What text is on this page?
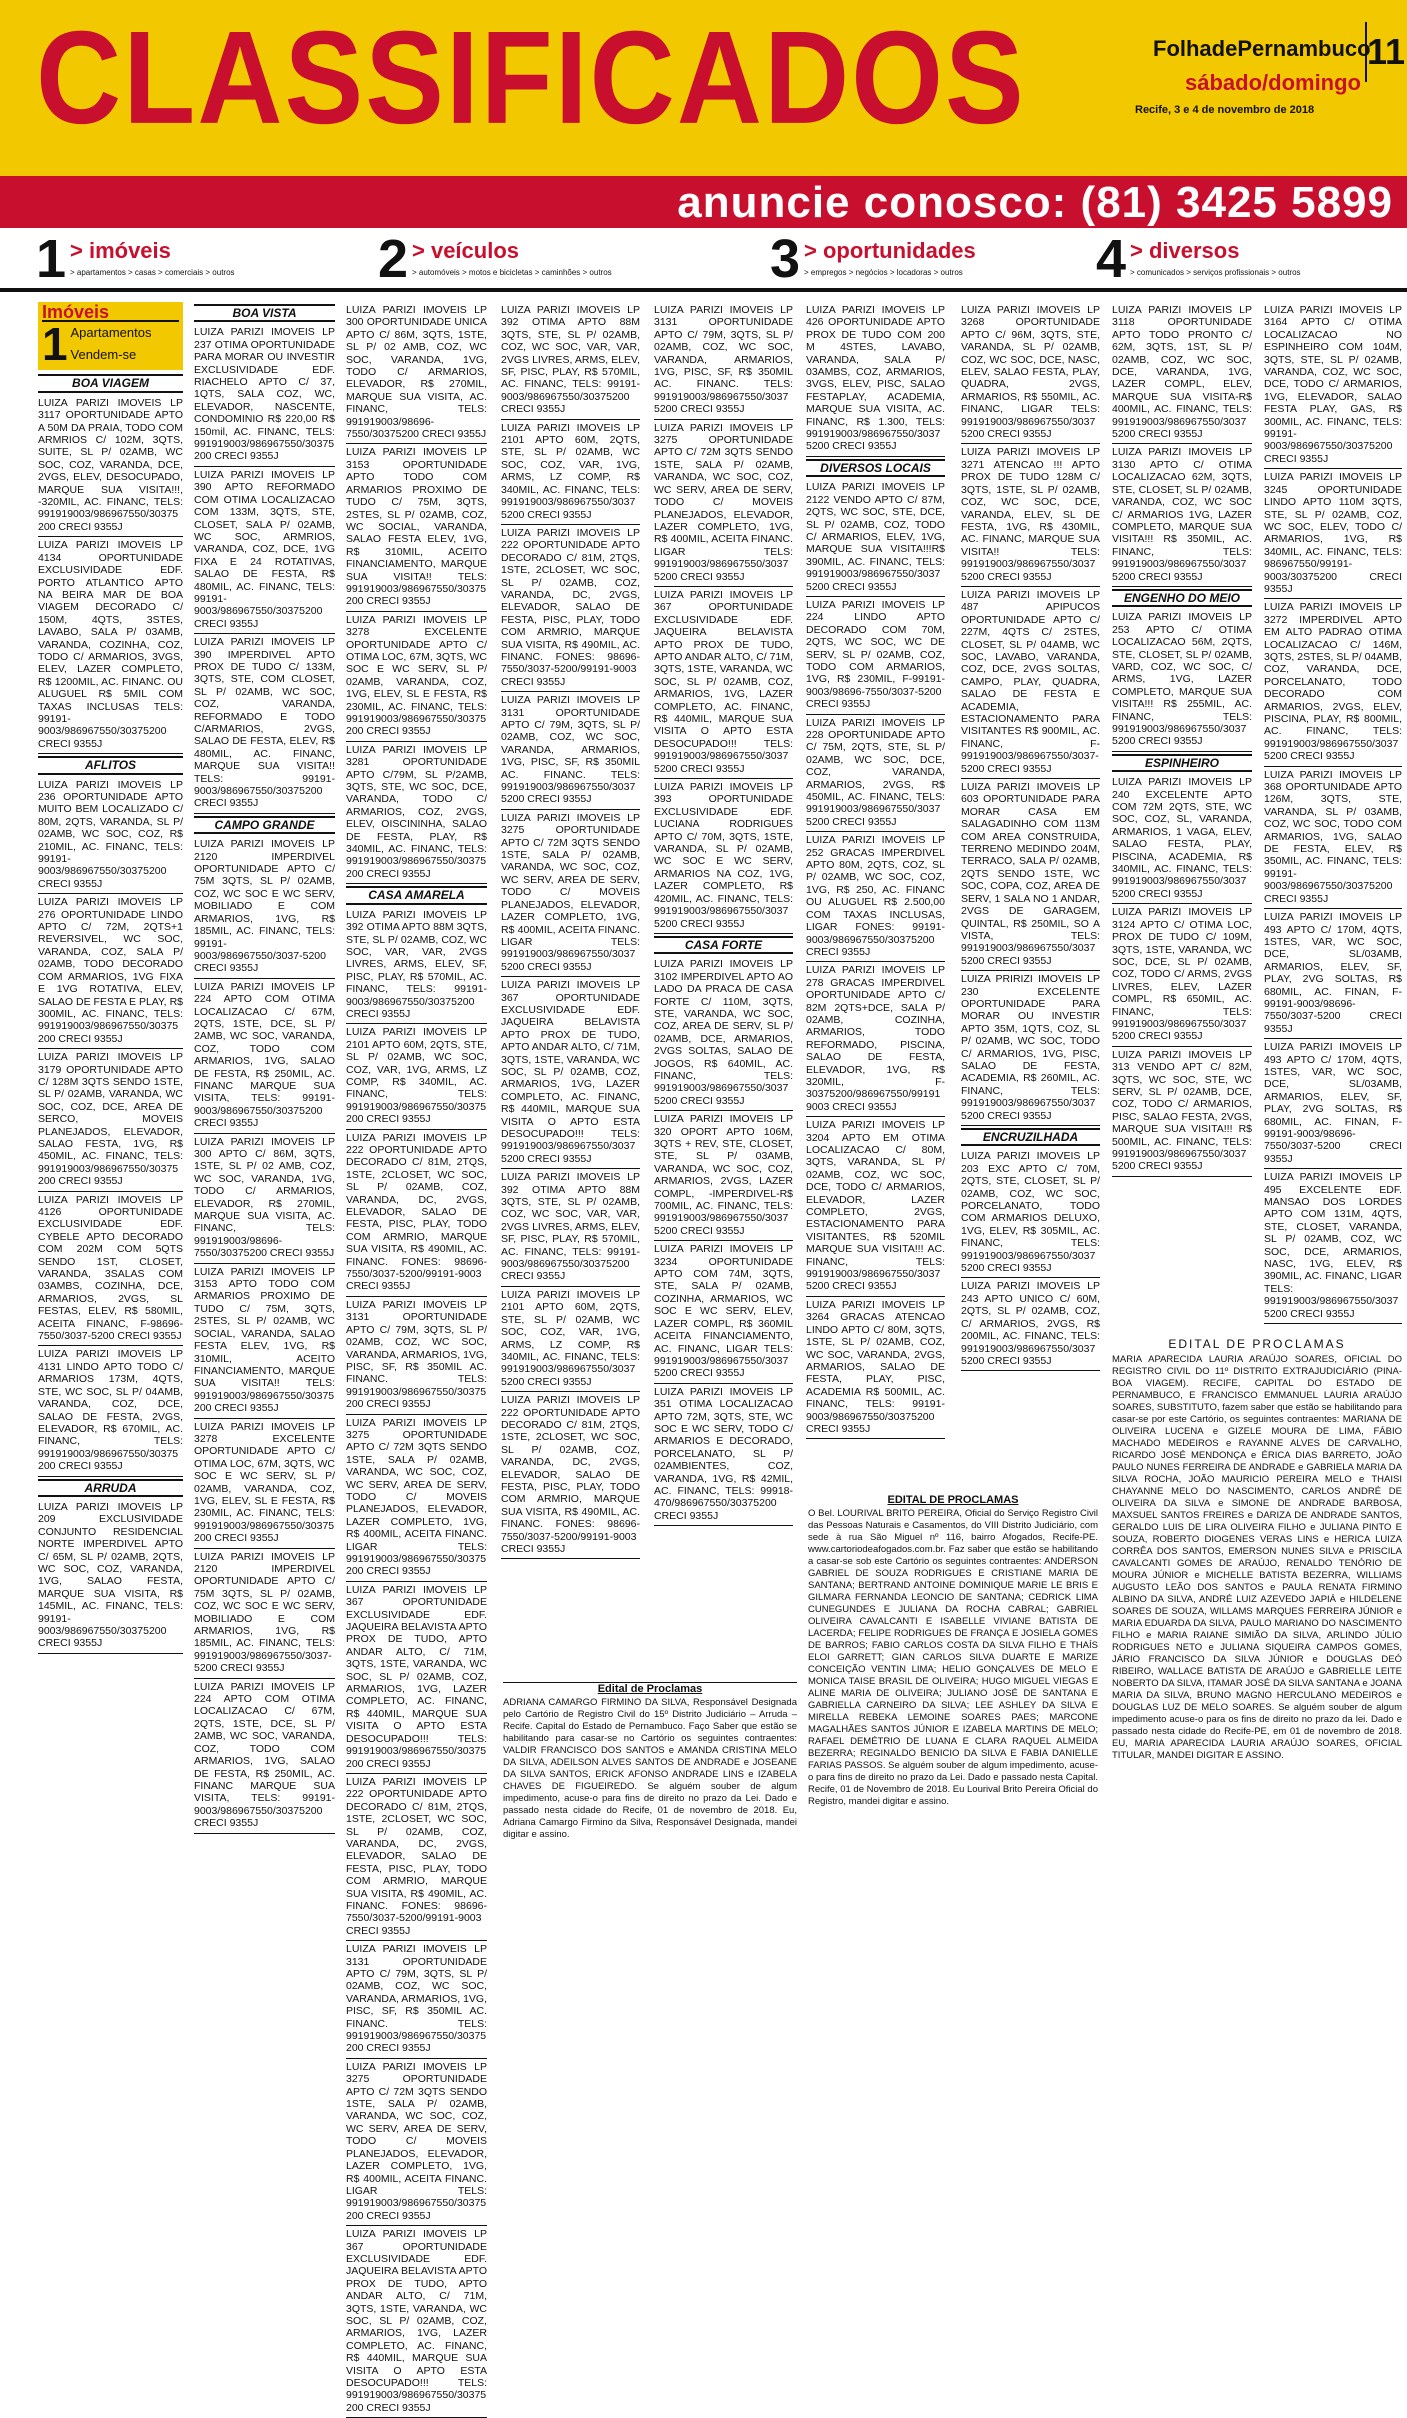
CLASSIFICADOS	FolhadePernambuco
sábado/domingo
Recife, 3 e 4 de novembro de 2018
11
anuncie conosco: (81) 3425 5899
1 > imóveis
> apartamentos > casas > comerciais > outros	2 > veículos
> automóveis > motos e bicicletas > caminhões > outros	3 > oportunidades
> empregos > negócios > locadoras > outros 4 > diversos
> comunicados > serviços profissionais > outros
Imóveis
1 Apartamentos
Vendem-se
BOA VIAGEM
LUIZA PARIZI IMOVEIS LP 3117 OPORTUNIDADE APTO A 50M DA PRAIA, TODO COM ARMRIOS C/ 102M, 3QTS, SUITE, SL P/ 02AMB, WC SOC, COZ, VARANDA, DCE, 2VGS, ELEV, DESOCUPADO, MARQUE SUA VISITA!!!, -320MIL, AC. FINANC, TELS: 991919003/986967550/30375200 CRECI 9355J
LUIZA PARIZI IMOVEIS LP 4134 OPORTUNIDADE EXCLUSIVIDADE EDF. PORTO ATLANTICO APTO NA BEIRA MAR DE BOA VIAGEM DECORADO C/ 150M, 4QTS, 3STES, LAVABO, SALA P/ 03AMB, VARANDA, COZINHA, COZ, TODO C/ ARMARIOS, 3VGS, ELEV, LAZER COMPLETO, R$ 1200MIL, AC. FINANC. OU ALUGUEL R$ 5MIL COM TAXAS INCLUSAS TELS: 99191-9003/986967550/30375200 CRECI 9355J
AFLITOS
LUIZA PARIZI IMOVEIS LP 236 OPORTUNIDADE APTO MUITO BEM LOCALIZADO C/ 80M, 2QTS, VARANDA, SL P/ 02AMB, WC SOC, COZ, R$ 210MIL, AC. FINANC, TELS: 99191-9003/986967550/30375200 CRECI 9355J
LUIZA PARIZI IMOVEIS LP 276 OPORTUNIDADE LINDO APTO C/ 72M, 2QTS+1 REVERSIVEL, WC SOC, VARANDA, COZ, SALA P/ 02AMB, TODO DECORADO COM ARMARIOS, 1VG FIXA E 1VG ROTATIVA, ELEV, SALAO DE FESTA E PLAY, R$ 300MIL, AC. FINANC, TELS: 991919003/986967550/30375200 CRECI 9355J
LUIZA PARIZI IMOVEIS LP 3179 OPORTUNIDADE APTO C/ 128M 3QTS SENDO 1STE, SL P/ 02AMB, VARANDA, WC SOC, COZ, DCE, AREA DE SERCO, MOVEIS PLANEJADOS, ELEVADOR, SALAO FESTA, 1VG, R$ 450MIL, AC. FINANC, TELS: 991919003/986967550/30375200 CRECI 9355J
LUIZA PARIZI IMOVEIS LP 4126 OPORTUNIDADE EXCLUSIVIDADE EDF. CYBELE APTO DECORADO COM 202M COM 5QTS SENDO 1ST, CLOSET, VARANDA, 3SALAS COM 03AMBS, COZINHA, DCE, ARMARIOS, 2VGS, SL FESTAS, ELEV, R$ 580MIL, ACEITA FINANC, F-98696-7550/3037-5200 CRECI 9355J
LUIZA PARIZI IMOVEIS LP 4131 LINDO APTO TODO C/ ARMARIOS 173M, 4QTS, STE, WC SOC, SL P/ 04AMB, VARANDA, COZ, DCE, SALAO DE FESTA, 2VGS, ELEVADOR, R$ 670MIL, AC. FINANC, TELS: 991919003/986967550/30375200 CRECI 9355J
ARRUDA
LUIZA PARIZI IMOVEIS LP 209 EXCLUSIVIDADE CONJUNTO RESIDENCIAL NORTE IMPERDIVEL APTO C/ 65M, SL P/ 02AMB, 2QTS, WC SOC, COZ, VARANDA, 1VG, SALAO FESTA, MARQUE SUA VISITA, R$ 145MIL, AC. FINANC, TELS: 99191-9003/986967550/30375200 CRECI 9355J
BOA VISTA
LUIZA PARIZI IMOVEIS LP 237 OTIMA OPORTUNIDADE PARA MORAR OU INVESTIR EXCLUSIVIDADE EDF. RIACHELO APTO C/ 37, 1QTS, SALA COZ, WC, ELEVADOR, NASCENTE, CONDOMINIO R$ 220,00 R$ 150mil, AC. FINANC, TELS: 991919003/986967550/30375200 CRECI 9355J
LUIZA PARIZI IMOVEIS LP 390 APTO REFORMADO COM OTIMA LOCALIZACAO COM 133M, 3QTS, STE, CLOSET, SALA P/ 02AMB, WC SOC, ARMRIOS, VARANDA, COZ, DCE, 1VG FIXA E 24 ROTATIVAS, SALAO DE FESTA, R$ 480MIL, AC. FINANC, TELS: 99191-9003/986967550/30375200 CRECI 9355J
LUIZA PARIZI IMOVEIS LP 390 IMPERDIVEL APTO PROX DE TUDO C/ 133M, 3QTS, STE, COM CLOSET, SL P/ 02AMB, WC SOC, COZ, VARANDA, REFORMADO E TODO C/ARMARIOS, 2VGS, SALAO DE FESTA, ELEV, R$ 480MIL, AC. FINANC, MARQUE SUA VISITA!! TELS: 99191-9003/986967550/30375200 CRECI 9355J
CAMPO GRANDE
LUIZA PARIZI IMOVEIS LP 2120 IMPERDIVEL OPORTUNIDADE APTO C/ 75M 3QTS, SL P/ 02AMB, COZ, WC SOC E WC SERV, MOBILIADO E COM ARMARIOS, 1VG, R$ 185MIL, AC. FINANC, TELS: 99191-9003/986967550/3037-5200 CRECI 9355J
LUIZA PARIZI IMOVEIS LP 224 APTO COM OTIMA LOCALIZACAO C/ 67M, 2QTS, 1STE, DCE, SL P/ 2AMB, WC SOC, VARANDA, COZ, TODO COM ARMARIOS, 1VG, SALAO DE FESTA, R$ 250MIL, AC. FINANC MARQUE SUA VISITA, TELS: 99191-9003/986967550/30375200 CRECI 9355J
LUIZA PARIZI IMOVEIS LP 300 APTO C/ 86M, 3QTS, 1STE, SL P/ 02 AMB, COZ, WC SOC, VARANDA, 1VG, TODO C/ ARMARIOS, ELEVADOR, R$ 270MIL, MARQUE SUA VISITA, AC. FINANC, TELS: 991919003/98696-7550/30375200 CRECI 9355J
LUIZA PARIZI IMOVEIS LP 3153 APTO TODO COM ARMARIOS PROXIMO DE TUDO C/ 75M, 3QTS, 2STES, SL P/ 02AMB, WC SOCIAL, VARANDA, SALAO FESTA ELEV, 1VG, R$ 310MIL, ACEITO FINANCIAMENTO, MARQUE SUA VISITA!! TELS: 991919003/986967550/30375200 CRECI 9355J
LUIZA PARIZI IMOVEIS LP 3278 EXCELENTE OPORTUNIDADE APTO C/ OTIMA LOC, 67M, 3QTS, WC SOC E WC SERV, SL P/ 02AMB, VARANDA, COZ, 1VG, ELEV, SL E FESTA, R$ 230MIL, AC. FINANC, TELS: 991919003/986967550/30375200 CRECI 9355J
LUIZA PARIZI IMOVEIS LP 2120 IMPERDIVEL OPORTUNIDADE APTO C/ 75M 3QTS, SL P/ 02AMB, COZ, WC SOC E WC SERV, MOBILIADO E COM ARMARIOS, 1VG, R$ 185MIL, AC. FINANC, TELS: 991919003/986967550/3037-5200 CRECI 9355J
LUIZA PARIZI IMOVEIS LP 224 APTO COM OTIMA LOCALIZACAO C/ 67M, 2QTS, 1STE, DCE, SL P/ 2AMB, WC SOC, VARANDA, COZ, TODO COM ARMARIOS, 1VG, SALAO DE FESTA, R$ 250MIL, AC. FINANC MARQUE SUA VISITA, TELS: 99191-9003/986967550/30375200 CRECI 9355J
LUIZA PARIZI IMOVEIS LP 300 OPORTUNIDADE UNICA APTO C/ 86M, 3QTS, 1STE, SL P/ 02 AMB, COZ, WC SOC, VARANDA, 1VG, TODO C/ ARMARIOS, ELEVADOR, R$ 270MIL, MARQUE SUA VISITA, AC. FINANC, TELS: 991919003/98696-7550/30375200 CRECI 9355J
LUIZA PARIZI IMOVEIS LP 3153 OPORTUNIDADE APTO TODO COM ARMARIOS PROXIMO DE TUDO C/ 75M, 3QTS, 2STES, SL P/ 02AMB, COZ, WC SOCIAL, VARANDA, SALAO FESTA ELEV, 1VG, R$ 310MIL, ACEITO FINANCIAMENTO, MARQUE SUA VISITA!! TELS: 991919003/986967550/30375200 CRECI 9355J
LUIZA PARIZI IMOVEIS LP 3278 EXCELENTE OPORTUNIDADE APTO C/ OTIMA LOC, 67M, 3QTS, WC SOC E WC SERV, SL P/ 02AMB, VARANDA, COZ, 1VG, ELEV, SL E FESTA, R$ 230MIL, AC. FINANC, TELS: 991919003/986967550/30375200 CRECI 9355J
LUIZA PARIZI IMOVEIS LP 3281 OPORTUNIDADE APTO C/79M, SL P/2AMB, 3QTS, STE, WC SOC, DCE, VARANDA, TODO C/ ARMARIOS, COZ, 2VGS, ELEV, OISCININHA, SALAO DE FESTA, PLAY, R$ 340MIL, AC. FINANC, TELS: 991919003/986967550/30375200 CRECI 9355J
CASA AMARELA
LUIZA PARIZI IMOVEIS LP 392 OTIMA APTO 88M 3QTS, STE, SL P/ 02AMB, COZ, WC SOC, VAR, VAR, 2VGS LIVRES, ARMS, ELEV, SF, PISC, PLAY, R$ 570MIL, AC. FINANC, TELS: 99191-9003/986967550/30375200 CRECI 9355J
LUIZA PARIZI IMOVEIS LP 2101 APTO 60M, 2QTS, STE, SL P/ 02AMB, WC SOC, COZ, VAR, 1VG, ARMS, LZ COMP, R$ 340MIL, AC. FINANC, TELS: 991919003/986967550/30375200 CRECI 9355J
LUIZA PARIZI IMOVEIS LP 222 OPORTUNIDADE APTO DECORADO C/ 81M, 2TQS, 1STE, 2CLOSET, WC SOC, SL P/ 02AMB, COZ, VARANDA, DC, 2VGS, ELEVADOR, SALAO DE FESTA, PISC, PLAY, TODO COM ARMRIO, MARQUE SUA VISITA, R$ 490MIL, AC. FINANC. FONES: 98696-7550/3037-5200/99191-9003 CRECI 9355J
LUIZA PARIZI IMOVEIS LP 3131 OPORTUNIDADE APTO C/ 79M, 3QTS, SL P/ 02AMB, COZ, WC SOC, VARANDA, ARMARIOS, 1VG, PISC, SF, R$ 350MIL AC. FINANC. TELS: 991919003/986967550/30375200 CRECI 9355J
LUIZA PARIZI IMOVEIS LP 3275 OPORTUNIDADE APTO C/ 72M 3QTS SENDO 1STE, SALA P/ 02AMB, VARANDA, WC SOC, COZ, WC SERV, AREA DE SERV, TODO C/ MOVEIS PLANEJADOS, ELEVADOR, LAZER COMPLETO, 1VG, R$ 400MIL, ACEITA FINANC. LIGAR TELS: 991919003/986967550/30375200 CRECI 9355J
LUIZA PARIZI IMOVEIS LP 367 OPORTUNIDADE EXCLUSIVIDADE EDF. JAQUEIRA BELAVISTA APTO PROX DE TUDO, APTO ANDAR ALTO, C/ 71M, 3QTS, 1STE, VARANDA, WC SOC, SL P/ 02AMB, COZ, ARMARIOS, 1VG, LAZER COMPLETO, AC. FINANC, R$ 440MIL, MARQUE SUA VISITA O APTO ESTA DESOCUPADO!!! TELS: 991919003/986967550/30375200 CRECI 9355J
LUIZA PARIZI IMOVEIS LP 222 OPORTUNIDADE APTO DECORADO C/ 81M, 2TQS, 1STE, 2CLOSET, WC SOC, SL P/ 02AMB, COZ, VARANDA, DC, 2VGS, ELEVADOR, SALAO DE FESTA, PISC, PLAY, TODO COM ARMRIO, MARQUE SUA VISITA, R$ 490MIL, AC. FINANC. FONES: 98696-7550/3037-5200/99191-9003 CRECI 9355J
LUIZA PARIZI IMOVEIS LP 3131 OPORTUNIDADE APTO C/ 79M, 3QTS, SL P/ 02AMB, COZ, WC SOC, VARANDA, ARMARIOS, 1VG, PISC, SF, R$ 350MIL AC. FINANC. TELS: 991919003/986967550/30375200 CRECI 9355J
LUIZA PARIZI IMOVEIS LP 3275 OPORTUNIDADE APTO C/ 72M 3QTS SENDO 1STE, SALA P/ 02AMB, VARANDA, WC SOC, COZ, WC SERV, AREA DE SERV, TODO C/ MOVEIS PLANEJADOS, ELEVADOR, LAZER COMPLETO, 1VG, R$ 400MIL, ACEITA FINANC. LIGAR TELS: 991919003/986967550/30375200 CRECI 9355J
LUIZA PARIZI IMOVEIS LP 367 OPORTUNIDADE EXCLUSIVIDADE EDF. JAQUEIRA BELAVISTA APTO PROX DE TUDO, APTO ANDAR ALTO, C/ 71M, 3QTS, 1STE, VARANDA, WC SOC, SL P/ 02AMB, COZ, ARMARIOS, 1VG, LAZER COMPLETO, AC. FINANC, R$ 440MIL, MARQUE SUA VISITA O APTO ESTA DESOCUPADO!!! TELS: 991919003/986967550/30375200 CRECI 9355J
LUIZA PARIZI IMOVEIS LP 392 OTIMA APTO 88M 3QTS, STE, SL P/ 02AMB, COZ, WC SOC, VAR, VAR, 2VGS LIVRES, ARMS, ELEV, SF, PISC, PLAY, R$ 570MIL, AC. FINANC, TELS: 99191-9003/986967550/30375200 CRECI 9355J
LUIZA PARIZI IMOVEIS LP 2101 APTO 60M, 2QTS, STE, SL P/ 02AMB, WC SOC, COZ, VAR, 1VG, ARMS, LZ COMP, R$ 340MIL, AC. FINANC, TELS: 991919003/986967550/30375200 CRECI 9355J
LUIZA PARIZI IMOVEIS LP 222 OPORTUNIDADE APTO DECORADO C/ 81M, 2TQS, 1STE, 2CLOSET, WC SOC, SL P/ 02AMB, COZ, VARANDA, DC, 2VGS, ELEVADOR, SALAO DE FESTA, PISC, PLAY, TODO COM ARMRIO, MARQUE SUA VISITA, R$ 490MIL, AC. FINANC. FONES: 98696-7550/3037-5200/99191-9003 CRECI 9355J
LUIZA PARIZI IMOVEIS LP 3131 OPORTUNIDADE APTO C/ 79M, 3QTS, SL P/ 02AMB, COZ, WC SOC, VARANDA, ARMARIOS, 1VG, PISC, SF, R$ 350MIL AC. FINANC. TELS: 991919003/986967550/30375200 CRECI 9355J
LUIZA PARIZI IMOVEIS LP 3275 OPORTUNIDADE APTO C/ 72M 3QTS SENDO 1STE, SALA P/ 02AMB, VARANDA, WC SOC, COZ, WC SERV, AREA DE SERV, TODO C/ MOVEIS PLANEJADOS, ELEVADOR, LAZER COMPLETO, 1VG, R$ 400MIL, ACEITA FINANC. LIGAR TELS: 991919003/986967550/30375200 CRECI 9355J
LUIZA PARIZI IMOVEIS LP 367 OPORTUNIDADE EXCLUSIVIDADE EDF. JAQUEIRA BELAVISTA APTO PROX DE TUDO, APTO ANDAR ALTO, C/ 71M, 3QTS, 1STE, VARANDA, WC SOC, SL P/ 02AMB, COZ, ARMARIOS, 1VG, LAZER COMPLETO, AC. FINANC, R$ 440MIL, MARQUE SUA VISITA O APTO ESTA DESOCUPADO!!! TELS: 991919003/986967550/30375200 CRECI 9355J
LUIZA PARIZI IMOVEIS LP 392 OTIMA APTO 88M 3QTS, STE, SL P/ 02AMB, COZ, WC SOC, VAR, VAR, 2VGS LIVRES, ARMS, ELEV, SF, PISC, PLAY, R$ 570MIL, AC. FINANC, TELS: 99191-9003/986967550/30375200 CRECI 9355J
LUIZA PARIZI IMOVEIS LP 2101 APTO 60M, 2QTS, STE, SL P/ 02AMB, WC SOC, COZ, VAR, 1VG, ARMS, LZ COMP, R$ 340MIL, AC. FINANC, TELS: 991919003/986967550/30375200 CRECI 9355J
LUIZA PARIZI IMOVEIS LP 222 OPORTUNIDADE APTO DECORADO C/ 81M, 2TQS, 1STE, 2CLOSET, WC SOC, SL P/ 02AMB, COZ, VARANDA, DC, 2VGS, ELEVADOR, SALAO DE FESTA, PISC, PLAY, TODO COM ARMRIO, MARQUE SUA VISITA, R$ 490MIL, AC. FINANC. FONES: 98696-7550/3037-5200/99191-9003 CRECI 9355J
LUIZA PARIZI IMOVEIS LP 3131 OPORTUNIDADE APTO C/ 79M, 3QTS, SL P/ 02AMB, COZ, WC SOC, VARANDA, ARMARIOS, 1VG, PISC, SF, R$ 350MIL AC. FINANC. TELS: 991919003/986967550/30375200 CRECI 9355J
LUIZA PARIZI IMOVEIS LP 3275 OPORTUNIDADE APTO C/ 72M 3QTS SENDO 1STE, SALA P/ 02AMB, VARANDA, WC SOC, COZ, WC SERV, AREA DE SERV, TODO C/ MOVEIS PLANEJADOS, ELEVADOR, LAZER COMPLETO, 1VG, R$ 400MIL, ACEITA FINANC. LIGAR TELS: 991919003/986967550/30375200 CRECI 9355J
LUIZA PARIZI IMOVEIS LP 367 OPORTUNIDADE EXCLUSIVIDADE EDF. JAQUEIRA BELAVISTA APTO PROX DE TUDO, APTO ANDAR ALTO, C/ 71M, 3QTS, 1STE, VARANDA, WC SOC, SL P/ 02AMB, COZ, ARMARIOS, 1VG, LAZER COMPLETO, AC. FINANC, R$ 440MIL, MARQUE SUA VISITA O APTO ESTA DESOCUPADO!!! TELS: 991919003/986967550/30375200 CRECI 9355J
LUIZA PARIZI IMOVEIS LP 393 OPORTUNIDADE EXCLUSIVIDADE EDF. LUCIANA RODRIGUES APTO C/ 70M, 3QTS, 1STE, VARANDA, SL P/ 02AMB, WC SOC E WC SERV, ARMARIOS NA COZ, 1VG, LAZER COMPLETO, R$ 420MIL, AC. FINANC, TELS: 991919003/986967550/30375200 CRECI 9355J
CASA FORTE
LUIZA PARIZI IMOVEIS LP 3102 IMPERDIVEL APTO AO LADO DA PRACA DE CASA FORTE C/ 110M, 3QTS, STE, VARANDA, WC SOC, COZ, AREA DE SERV, SL P/ 02AMB, DCE, ARMARIOS, 2VGS SOLTAS, SALAO DE JOGOS, R$ 640MIL, AC. FINANC, TELS: 991919003/986967550/30375200 CRECI 9355J
LUIZA PARIZI IMOVEIS LP 320 OPORT APTO 106M, 3QTS + REV, STE, CLOSET, STE, SL P/ 03AMB, VARANDA, WC SOC, COZ, ARMARIOS, 2VGS, LAZER COMPL, -IMPERDIVEL-R$ 700MIL, AC. FINANC, TELS: 991919003/986967550/30375200 CRECI 9355J
LUIZA PARIZI IMOVEIS LP 3234 OPORTUNIDADE APTO COM 74M, 3QTS, STE, SALA P/ 02AMB, COZINHA, ARMARIOS, WC SOC E WC SERV, ELEV, LAZER COMPL, R$ 360MIL ACEITA FINANCIAMENTO, AC. FINANC, LIGAR TELS: 991919003/986967550/30375200 CRECI 9355J
LUIZA PARIZI IMOVEIS LP 351 OTIMA LOCALIZACAO APTO 72M, 3QTS, STE, WC SOC E WC SERV, TODO C/ ARMARIOS E DECORADO, PORCELANATO, SL P/ 02AMBIENTES, COZ, VARANDA, 1VG, R$ 42MIL, AC. FINANC, TELS: 99918-470/986967550/30375200 CRECI 9355J
LUIZA PARIZI IMOVEIS LP 426 OPORTUNIDADE APTO PROX DE TUDO COM 200 M 4STES, LAVABO, VARANDA, SALA P/ 03AMBS, COZ, ARMARIOS, 3VGS, ELEV, PISC, SALAO FESTAPLAY, ACADEMIA, MARQUE SUA VISITA, AC. FINANC, R$ 1.300, TELS: 991919003/986967550/30375200 CRECI 9355J
DIVERSOS LOCAIS
LUIZA PARIZI IMOVEIS LP 2122 VENDO APTO C/ 87M, 2QTS, WC SOC, STE, DCE, SL P/ 02AMB, COZ, TODO C/ ARMARIOS, ELEV, 1VG, MARQUE SUA VISITA!!!R$ 390MIL, AC. FINANC, TELS: 991919003/986967550/30375200 CRECI 9355J
LUIZA PARIZI IMOVEIS LP 224 LINDO APTO DECORADO COM 70M, 2QTS, WC SOC, WC DE SERV, SL P/ 02AMB, COZ, TODO COM ARMARIOS, 1VG, R$ 230MIL, F-99191-9003/98696-7550/3037-5200 CRECI 9355J
LUIZA PARIZI IMOVEIS LP 228 OPORTUNIDADE APTO C/ 75M, 2QTS, STE, SL P/ 02AMB, WC SOC, DCE, COZ, VARANDA, ARMARIOS, 2VGS, R$ 450MIL, AC. FINANC, TELS: 991919003/986967550/30375200 CRECI 9355J
LUIZA PARIZI IMOVEIS LP 252 GRACAS IMPERDIVEL APTO 80M, 2QTS, COZ, SL P/ 02AMB, WC SOC, COZ, 1VG, R$ 250, AC. FINANC OU ALUGUEL R$ 2.500,00 COM TAXAS INCLUSAS, LIGAR FONES: 99191-9003/986967550/30375200 CRECI 9355J
LUIZA PARIZI IMOVEIS LP 278 GRACAS IMPERDIVEL OPORTUNIDADE APTO C/ 82M 2QTS+DCE, SALA P/ 02AMB, COZINHA, ARMARIOS, TODO REFORMADO, PISCINA, SALAO DE FESTA, ELEVADOR, 1VG, R$ 320MIL, F-30375200/986967550/991919003 CRECI 9355J
LUIZA PARIZI IMOVEIS LP 3204 APTO EM OTIMA LOCALIZACAO C/ 80M, 3QTS, VARANDA, SL P/ 02AMB, COZ, WC SOC, DCE, TODO C/ ARMARIOS, ELEVADOR, LAZER COMPLETO, 2VGS, ESTACIONAMENTO PARA VISITANTES, R$ 520MIL MARQUE SUA VISITA!!! AC. FINANC, TELS: 991919003/986967550/30375200 CRECI 9355J
LUIZA PARIZI IMOVEIS LP 3264 GRACAS ATENCAO LINDO APTO C/ 80M, 3QTS, 1STE, SL P/ 02AMB, COZ, WC SOC, VARANDA, 2VGS, ARMARIOS, SALAO DE FESTA, PLAY, PISC, ACADEMIA R$ 500MIL, AC. FINANC, TELS: 99191-9003/986967550/30375200 CRECI 9355J
LUIZA PARIZI IMOVEIS LP 3268 OPORTUNIDADE APTO C/ 96M, 3QTS, STE, VARANDA, SL P/ 02AMB, COZ, WC SOC, DCE, NASC, ELEV, SALAO FESTA, PLAY, QUADRA, 2VGS, ARMARIOS, R$ 550MIL, AC. FINANC, LIGAR TELS: 991919003/986967550/30375200 CRECI 9355J
LUIZA PARIZI IMOVEIS LP 3271 ATENCAO !!! APTO PROX DE TUDO 128M C/ 3QTS, 1STE, SL P/ 02AMB, COZ, WC SOC, DCE, VARANDA, ELEV, SL DE FESTA, 1VG, R$ 430MIL, AC. FINANC, MARQUE SUA VISITA!! TELS: 991919003/986967550/30375200 CRECI 9355J
LUIZA PARIZI IMOVEIS LP 487 APIPUCOS OPORTUNIDADE APTO C/ 227M, 4QTS C/ 2STES, CLOSET, SL P/ 04AMB, WC SOC, LAVABO, VARANDA, COZ, DCE, 2VGS SOLTAS, CAMPO, PLAY, QUADRA, SALAO DE FESTA E ACADEMIA, ESTACIONAMENTO PARA VISITANTES R$ 900MIL, AC. FINANC, F-991919003/986967550/3037-5200 CRECI 9355J
LUIZA PARIZI IMOVEIS LP 603 OPORTUNIDADE PARA MORAR CASA EM SALAGADINHO COM 113M COM AREA CONSTRUIDA, TERRENO MEDINDO 204M, TERRACO, SALA P/ 02AMB, 2QTS SENDO 1STE, WC SOC, COPA, COZ, AREA DE SERV, 1 SALA NO 1 ANDAR, 2VGS DE GARAGEM, QUINTAL, R$ 250MIL, SO A VISTA, TELS: 991919003/986967550/30375200 CRECI 9355J
LUIZA PRIRIZI IMOVEIS LP 230 EXCELENTE OPORTUNIDADE PARA MORAR OU INVESTIR APTO 35M, 1QTS, COZ, SL P/ 02AMB, WC SOC, TODO C/ ARMARIOS, 1VG, PISC, SALAO DE FESTA, ACADEMIA, R$ 260MIL, AC. FINANC, TELS: 991919003/986967550/30375200 CRECI 9355J
ENCRUZILHADA
LUIZA PARIZI IMOVEIS LP 203 EXC APTO C/ 70M, 2QTS, STE, CLOSET, SL P/ 02AMB, COZ, WC SOC, PORCELANATO, TODO COM ARMARIOS DELUXO, 1VG, ELEV, R$ 305MIL, AC. FINANC, TELS: 991919003/986967550/30375200 CRECI 9355J
LUIZA PARIZI IMOVEIS LP 243 APTO UNICO C/ 60M, 2QTS, SL P/ 02AMB, COZ, C/ ARMARIOS, 2VGS, R$ 200MIL, AC. FINANC, TELS: 991919003/986967550/30375200 CRECI 9355J
LUIZA PARIZI IMOVEIS LP 3118 OPORTUNIDADE APTO TODO PRONTO C/ 62M, 3QTS, 1ST, SL P/ 02AMB, COZ, WC SOC, DCE, VARANDA, 1VG, LAZER COMPL, ELEV, MARQUE SUA VISITA-R$ 400MIL, AC. FINANC, TELS: 991919003/986967550/30375200 CRECI 9355J
LUIZA PARIZI IMOVEIS LP 3130 APTO C/ OTIMA LOCALIZACAO 62M, 3QTS, STE, CLOSET, SL P/ 02AMB, VARANDA, COZ, WC SOC C/ ARMARIOS 1VG, LAZER COMPLETO, MARQUE SUA VISITA!!! R$ 350MIL, AC. FINANC, TELS: 991919003/986967550/30375200 CRECI 9355J
ENGENHO DO MEIO
LUIZA PARIZI IMOVEIS LP 253 APTO C/ OTIMA LOCALIZACAO 56M, 2QTS, STE, CLOSET, SL P/ 02AMB, VARD, COZ, WC SOC, C/ ARMS, 1VG, LAZER COMPLETO, MARQUE SUA VISITA!!! R$ 255MIL, AC. FINANC, TELS: 991919003/986967550/30375200 CRECI 9355J
ESPINHEIRO
LUIZA PARIZI IMOVEIS LP 240 EXCELENTE APTO COM 72M 2QTS, STE, WC SOC, COZ, SL, VARANDA, ARMARIOS, 1 VAGA, ELEV, SALAO FESTA, PLAY, PISCINA, ACADEMIA, R$ 340MIL, AC. FINANC, TELS: 991919003/986967550/30375200 CRECI 9355J
LUIZA PARIZI IMOVEIS LP 3124 APTO C/ OTIMA LOC, PROX DE TUDO C/ 109M, 3QTS, 1STE, VARANDA, WC SOC, DCE, SL P/ 02AMB, COZ, TODO C/ ARMS, 2VGS LIVRES, ELEV, LAZER COMPL, R$ 650MIL, AC. FINANC, TELS: 991919003/986967550/30375200 CRECI 9355J
LUIZA PARIZI IMOVEIS LP 313 VENDO APT C/ 82M, 3QTS, WC SOC, STE, WC SERV, SL P/ 02AMB, DCE, COZ, TODO C/ ARMARIOS, PISC, SALAO FESTA, 2VGS, MARQUE SUA VISITA!!! R$ 500MIL, AC. FINANC, TELS: 991919003/986967550/30375200 CRECI 9355J
LUIZA PARIZI IMOVEIS LP 3164 APTO C/ OTIMA LOCALIZACAO NO ESPINHEIRO COM 104M, 3QTS, STE, SL P/ 02AMB, VARANDA, COZ, WC SOC, DCE, TODO C/ ARMARIOS, 1VG, ELEVADOR, SALAO FESTA PLAY, GAS, R$ 300MIL, AC. FINANC, TELS: 99191-9003/986967550/30375200 CRECI 9355J
LUIZA PARIZI IMOVEIS LP 3245 OPORTUNIDADE LINDO APTO 110M 3QTS, STE, SL P/ 02AMB, COZ, WC SOC, ELEV, TODO C/ ARMARIOS, 1VG, R$ 340MIL, AC. FINANC, TELS: 986967550/99191-9003/30375200 CRECI 9355J
LUIZA PARIZI IMOVEIS LP 3272 IMPERDIVEL APTO EM ALTO PADRAO OTIMA LOCALIZACAO C/ 146M, 3QTS, 2STES, SL P/ 04AMB, COZ, VARANDA, DCE, PORCELANATO, TODO DECORADO COM ARMARIOS, 2VGS, ELEV, PISCINA, PLAY, R$ 800MIL, AC. FINANC, TELS: 991919003/986967550/30375200 CRECI 9355J
LUIZA PARIZI IMOVEIS LP 368 OPORTUNIDADE APTO 126M, 3QTS, STE, VARANDA, SL P/ 03AMB, COZ, WC SOC, TODO COM ARMARIOS, 1VG, SALAO DE FESTA, ELEV, R$ 350MIL, AC. FINANC, TELS: 99191-9003/986967550/30375200 CRECI 9355J
LUIZA PARIZI IMOVEIS LP 493 APTO C/ 170M, 4QTS, 1STES, VAR, WC SOC, DCE, SL/03AMB, ARMARIOS, ELEV, SF, PLAY, 2VG SOLTAS, R$ 680MIL, AC. FINAN, F-99191-9003/98696-7550/3037-5200 CRECI 9355J
LUIZA PARIZI IMOVEIS LP 493 APTO C/ 170M, 4QTS, 1STES, VAR, WC SOC, DCE, SL/03AMB, ARMARIOS, ELEV, SF, PLAY, 2VG SOLTAS, R$ 680MIL, AC. FINAN, F-99191-9003/98696-7550/3037-5200 CRECI 9355J
LUIZA PARIZI IMOVEIS LP 495 EXCELENTE EDF. MANSAO DOS LORDES APTO COM 131M, 4QTS, STE, CLOSET, VARANDA, SL P/ 02AMB, COZ, WC SOC, DCE, ARMARIOS, NASC, 1VG, ELEV, R$ 390MIL, AC. FINANC, LIGAR TELS: 991919003/986967550/30375200 CRECI 9355J
Edital de Proclamas
ADRIANA CAMARGO FIRMINO DA SILVA, Responsável Designada pelo Cartório de Registro Civil do 15º Distrito Judiciário – Arruda – Recife. Capital do Estado de Pernambuco. Faço Saber que estão se habilitando para casar-se no Cartório os seguintes contraentes: VALDIR FRANCISCO DOS SANTOS e AMANDA CRISTINA MELO DA SILVA, ADEILSON ALVES SANTOS DE ANDRADE e JOSEANE DA SILVA SANTOS, ERICK AFONSO ANDRADE LINS e IZABELA CHAVES DE FIGUEIREDO. Se alguém souber de algum impedimento, acuse-o para fins de direito no prazo da Lei. Dado e passado nesta cidade do Recife, 01 de novembro de 2018. Eu, Adriana Camargo Firmino da Silva, Responsável Designada, mandei digitar e assino.
EDITAL DE PROCLAMAS
O Bel. LOURIVAL BRITO PEREIRA, Oficial do Serviço Registro Civil das Pessoas Naturais e Casamentos, do VIII Distrito Judiciário, com sede à rua São Miguel nº 116, bairro Afogados, Recife-PE. www.cartoriodeafogados.com.br. Faz saber que estão se habilitando a casar-se sob este Cartório os seguintes contraentes: ANDERSON GABRIEL DE SOUZA RODRIGUES E CRISTIANE MARIA DE SANTANA; BERTRAND ANTOINE DOMINIQUE MARIE LE BRIS E GILMARA FERNANDA LEONCIO DE SANTANA; CEDRICK LIMA CUNEGUNDES E JULIANA DA ROCHA CABRAL; GABRIEL OLIVEIRA CAVALCANTI E ISABELLE VIVIANE BATISTA DE LACERDA; FELIPE RODRIGUES DE FRANÇA E JOSIELA GOMES DE BARROS; FABIO CARLOS COSTA DA SILVA FILHO E THAÍS ELOI GARRETT; GIAN CARLOS SILVA DUARTE E MARIZE CONCEIÇÃO VENTIN LIMA; HELIO GONÇALVES DE MELO E MONICA TAISE BRASIL DE OLIVEIRA; HUGO MIGUEL VIEGAS E ALINE MARIA DE OLIVEIRA; JULIANO JOSÉ DE SANTANA E GABRIELLA CARNEIRO DA SILVA; LEE ASHLEY DA SILVA E MIRELLA REBEKA LEMOINE SOARES PAES; MARCONE MAGALHÃES SANTOS JÚNIOR E IZABELA MARTINS DE MELO; RAFAEL DEMÉTRIO DE LUANA E CLARA RAQUEL ALMEIDA BEZERRA; REGINALDO BENICIO DA SILVA E FABIA DANIELLE FARIAS PASSOS. Se alguém souber de algum impedimento, acuse-o para fins de direito no prazo da Lei. Dado e passado nesta Capital. Recife, 01 de Novembro de 2018. Eu Lourival Brito Pereira Oficial do Registro, mandei digitar e assino.
EDITAL DE PROCLAMAS
MARIA APARECIDA LAURIA ARAÚJO SOARES, OFICIAL DO REGISTRO CIVIL DO 11º DISTRITO EXTRAJUDICIÁRIO (PINA-BOA VIAGEM). RECIFE, CAPITAL DO ESTADO DE PERNAMBUCO, E FRANCISCO EMMANUEL LAURIA ARAÚJO SOARES, SUBSTITUTO, fazem saber que estão se habilitando para casar-se por este Cartório, os seguintes contraentes: MARIANA DE OLIVEIRA LUCENA e GIZELE MOURA DE LIMA, FÁBIO MACHADO MEDEIROS e RAYANNE ALVES DE CARVALHO, RICARDO JOSÉ MENDONÇA e ÉRICA DIAS BARRETO, JOÃO PAULO NUNES FERREIRA DE ANDRADE e GABRIELA MARIA DA SILVA ROCHA, JOÃO MAURICIO PEREIRA MELO e THAISI CHAYANNE MELO DO NASCIMENTO, CARLOS ANDRÉ DE OLIVEIRA DA SILVA e SIMONE DE ANDRADE BARBOSA, MAXSUEL SANTOS FREIRES e DARIZA DE ANDRADE SANTOS, GERALDO LUIS DE LIRA OLIVEIRA FILHO e JULIANA PINTO E SOUZA, ROBERTO DIOGENES VERAS LINS e HERICA LUIZA CORRÊA DOS SANTOS, EMERSON NUNES SILVA e PRISCILA CAVALCANTI GOMES DE ARAÚJO, RENALDO TENÓRIO DE MOURA JÚNIOR e MICHELLE BATISTA BEZERRA, WILLIAMS AUGUSTO LEÃO DOS SANTOS e PAULA RENATA FIRMINO ALBINO DA SILVA, ANDRÉ LUIZ AZEVEDO JAPIÁ e HILDELENE SOARES DE SOUZA, WILLAMS MARQUES FERREIRA JÚNIOR e MARIA EDUARDA DA SILVA, PAULO MARIANO DO NASCIMENTO FILHO e MARIA RAIANE SIMIÃO DA SILVA, ARLINDO JÚLIO RODRIGUES NETO e JULIANA SIQUEIRA CAMPOS GOMES, JÁRIO FRANCISCO DA SILVA JÚNIOR e DOUGLAS DEÓ RIBEIRO, WALLACE BATISTA DE ARAÚJO e GABRIELLE LEITE NOBERTO DA SILVA, ITAMAR JOSÉ DA SILVA SANTANA e JOANA MARIA DA SILVA, BRUNO MAGNO HERCULANO MEDEIROS e DOUGLAS LUZ DE MELO SOARES. Se alguém souber de algum impedimento acuse-o para os fins de direito no prazo da lei. Dado e passado nesta cidade do Recife-PE, em 01 de novembro de 2018. EU, MARIA APARECIDA LAURIA ARAÚJO SOARES, OFICIAL TITULAR, MANDEI DIGITAR E ASSINO.
